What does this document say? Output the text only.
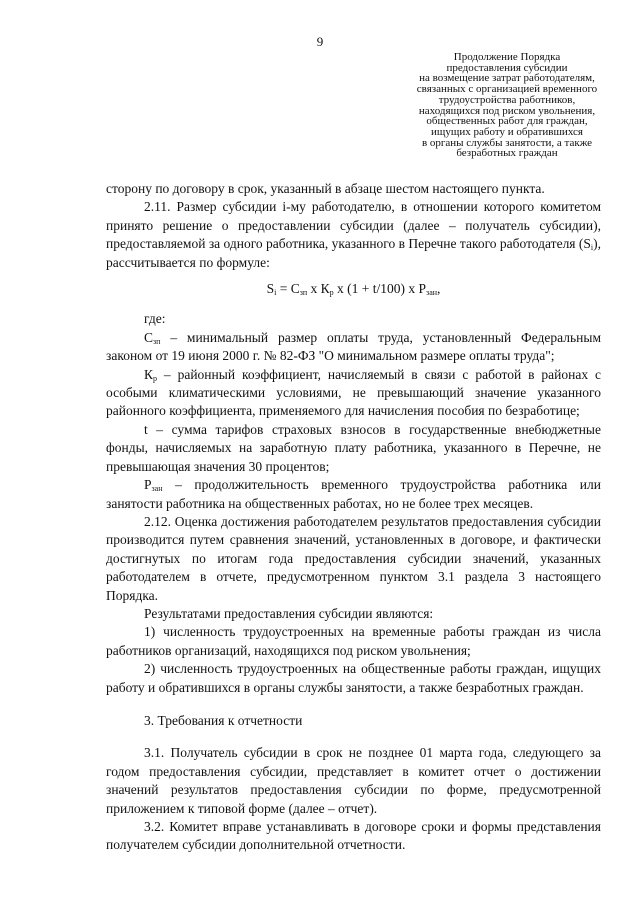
9
Продолжение Порядка
предоставления субсидии
на возмещение затрат работодателям,
связанных с организацией временного
трудоустройства работников,
находящихся под риском увольнения,
общественных работ для граждан,
ищущих работу и обратившихся
в органы службы занятости, а также
безработных граждан

сторону по договору в срок, указанный в абзаце шестом настоящего пункта.

2.11. Размер субсидии i-му работодателю, в отношении которого комитетом принято решение о предоставлении субсидии (далее – получатель субсидии), предоставляемой за одного работника, указанного в Перечне такого работодателя $(S_i)$, рассчитывается по формуле:

$S_i = С_{зп}$ х $К_р$ х (1 + t/100) х $Р_{зан}$,

где:

$С_{зп}$ – минимальный размер оплаты труда, установленный Федеральным законом от 19 июня 2000 г. № 82-ФЗ "О минимальном размере оплаты труда";

$К_р$ – районный коэффициент, начисляемый в связи с работой в районах с особыми климатическими условиями, не превышающий значение указанного районного коэффициента, применяемого для начисления пособия по безработице;

t – сумма тарифов страховых взносов в государственные внебюджетные фонды, начисляемых на заработную плату работника, указанного в Перечне, не превышающая значения 30 процентов;

$Р_{зан}$ – продолжительность временного трудоустройства работника или занятости работника на общественных работах, но не более трех месяцев.

2.12. Оценка достижения работодателем результатов предоставления субсидии производится путем сравнения значений, установленных в договоре, и фактически достигнутых по итогам года предоставления субсидии значений, указанных работодателем в отчете, предусмотренном пунктом 3.1 раздела 3 настоящего Порядка.

Результатами предоставления субсидии являются:

1) численность трудоустроенных на временные работы граждан из числа работников организаций, находящихся под риском увольнения;

2) численность трудоустроенных на общественные работы граждан, ищущих работу и обратившихся в органы службы занятости, а также безработных граждан.

3. Требования к отчетности

3.1. Получатель субсидии в срок не позднее 01 марта года, следующего за годом предоставления субсидии, представляет в комитет отчет о достижении значений результатов предоставления субсидии по форме, предусмотренной приложением к типовой форме (далее – отчет).

3.2. Комитет вправе устанавливать в договоре сроки и формы представления получателем субсидии дополнительной отчетности.
